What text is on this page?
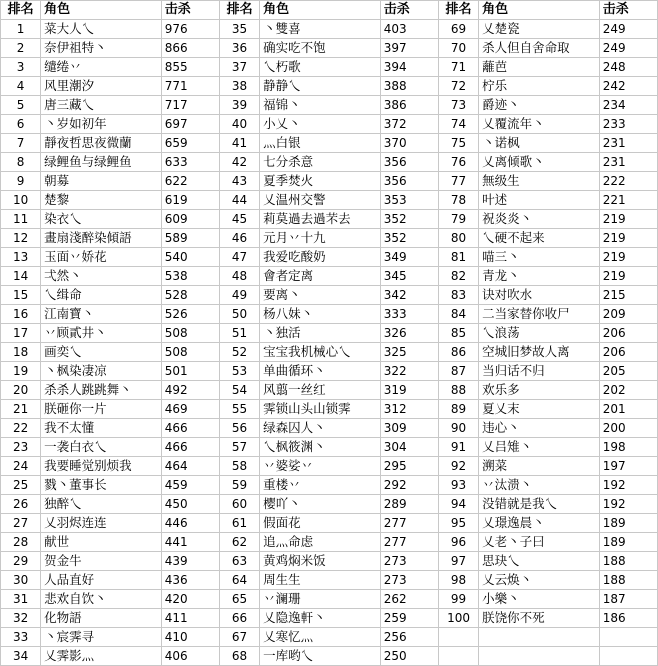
排名	角色	击杀	排名	角色	击杀	排名	角色	击杀
1	菜大人乀	976	35	丶雙喜	403	69	乂楚瓷	249
2	奈伊祖特丶	866	36	确实吃不饱	397	70	杀人但自舍命取	249
3	缱绻丷	855	37	乀朽歌	394	71	蘺芭	248
4	风里潮汐	771	38	静静乀	388	72	柠乐	242
5	唐三藏乀	717	39	福锦丶	386	73	爵迹丶	234
6	丶岁如初年	697	40	小乂丶	372	74	乂覆流年丶	233
7	靜夜哲思夜微蘭	659	41	灬白银	370	75	丶诺枫	231
8	绿鲤鱼与绿鲤鱼	633	42	七分杀意	356	76	乂离倾歌丶	231
9	朝募	622	43	夏季焚火	356	77	無级生	222
10	楚黎	619	44	乂温州交警	353	78	叶述	221
11	染衣乀	609	45	莉莫過去過芣去	352	79	祝炎炎丶	219
12	畫扇淺醉染傾語	589	46	元月丷十九	352	80	乀硬不起来	219
13	玉面丷娇花	540	47	我爱吃酸奶	349	81	喵三丶	219
14	弌然丶	538	48	會者定离	345	82	青龙丶	219
15	乀缉命	528	49	要离丶	342	83	诀对吹水	215
16	江南寶丶	526	50	杨八妹丶	333	84	二当家替你收尸	209
17	丷顾貳井丶	508	51	丶独活	326	85	乀浪荡	206
18	画奕乀	508	52	宝宝我机械心乀	325	86	空城旧梦故人离	206
19	丶枫染凄凉	501	53	单曲循环丶	322	87	当归话不归	205
20	杀杀人跳跳舞丶	492	54	风翦一丝红	319	88	欢乐多	202
21	朕砸你一片	469	55	霁锁山头山锁霁	312	89	夏乂末	201
22	我不太懂	466	56	绿森囚人丶	309	90	违心丶	200
23	一袭白衣乀	466	57	乀枫筱渊丶	304	91	乂吕雉丶	198
24	我要睡觉别烦我	464	58	丷婆娑丷	295	92	溯菜	197
25	戮丶董事长	459	59	重楼丷	292	93	丷汰溃丶	192
26	独醉乀	450	60	樱吖丶	289	94	没错就是我乀	192
27	乂羽烬连连	446	61	假面花	277	95	乂璟逸晨丶	189
28	献世	441	62	追灬命虑	277	96	乂老丶子曰	189
29	贺金牛	439	63	黄鸡焖米饭	273	97	思玦乀	188
30	人品直好	436	64	周生生	273	98	乂云焕丶	188
31	悲欢自饮丶	420	65	丷澜珊	262	99	小樂丶	187
32	化物語	411	66	乂隐逸軒丶	259	100	朕饶你不死	186
33	丶宸霁寻	410	67	乂寒忆灬	256			
34	乂霁影灬	406	68	一库哟乀	250			
